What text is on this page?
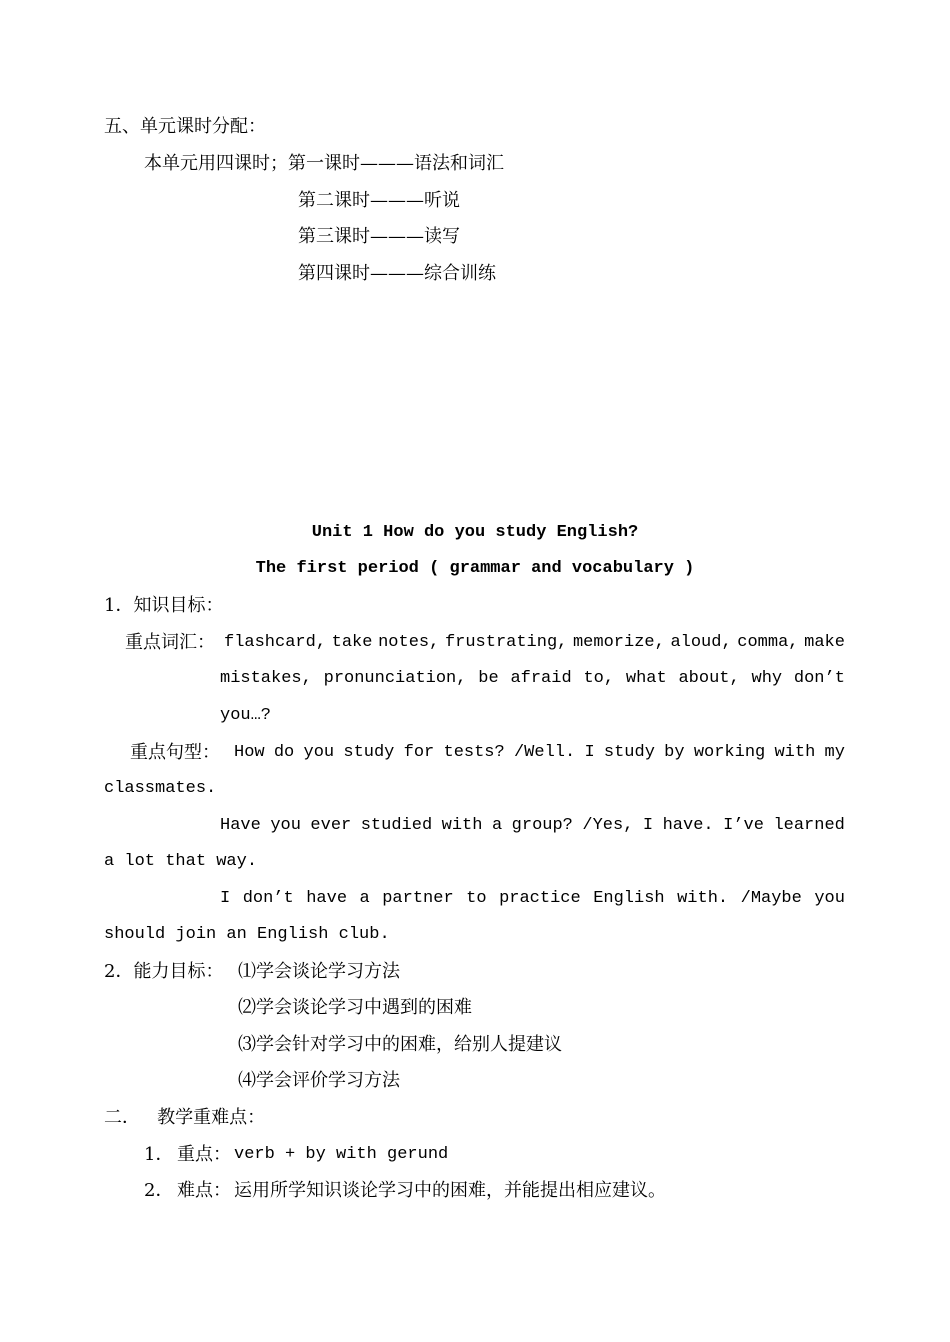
五、单元课时分配：
本单元用四课时；第一课时———语法和词汇
第二课时———听说
第三课时———读写
第四课时———综合训练
Unit 1 How do you study English?
The first period ( grammar and vocabulary )
1．知识目标：
重点词汇： flashcard, take notes, frustrating, memorize, aloud, comma, make
mistakes, pronunciation, be afraid to, what about, why don’t
you…?
重点句型： How do you study for tests? /Well. I study by working with my
classmates.
Have you ever studied with a group? /Yes, I have. I’ve learned
a lot that way.
I don’t have a partner to practice English with. /Maybe you
should join an English club.
2．能力目标： ⑴学会谈论学习方法
⑵学会谈论学习中遇到的困难
⑶学会针对学习中的困难，给别人提建议
⑷学会评价学习方法
二．   教学重难点：
1． 重点： verb + by with gerund
2． 难点： 运用所学知识谈论学习中的困难，并能提出相应建议。
